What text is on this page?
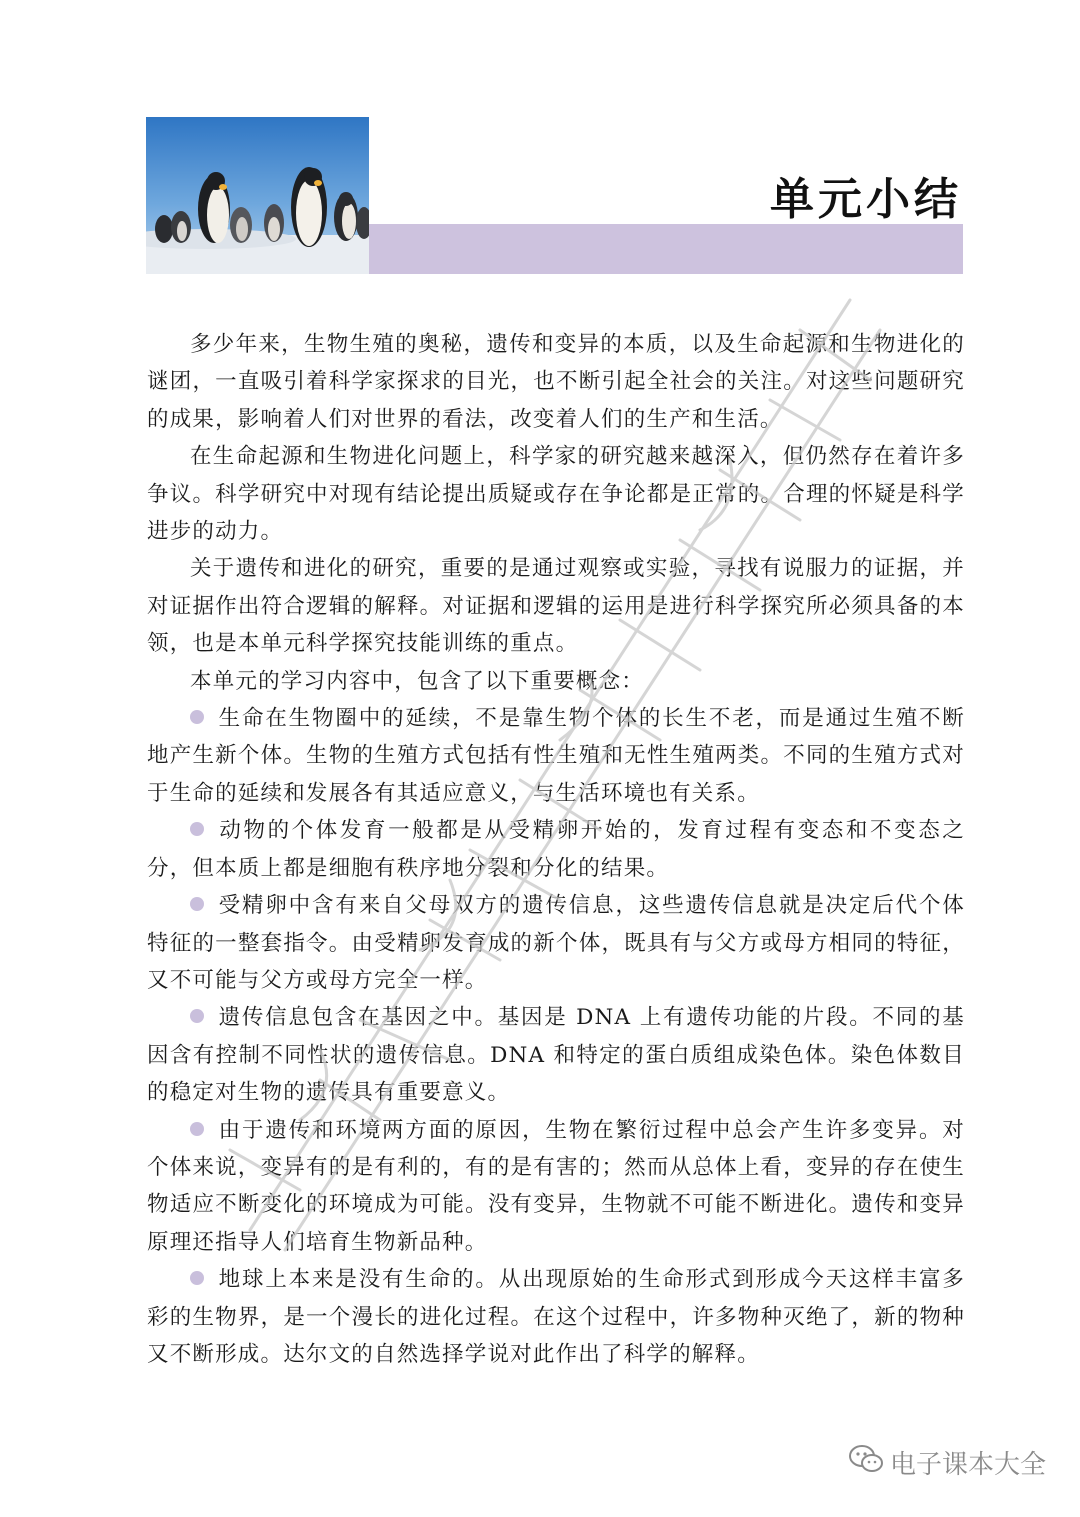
单元小结

多少年来，生物生殖的奥秘，遗传和变异的本质，以及生命起源和生物进化的谜团，一直吸引着科学家探求的目光，也不断引起全社会的关注。对这些问题研究的成果，影响着人们对世界的看法，改变着人们的生产和生活。

在生命起源和生物进化问题上，科学家的研究越来越深入，但仍然存在着许多争议。科学研究中对现有结论提出质疑或存在争论都是正常的。合理的怀疑是科学进步的动力。

关于遗传和进化的研究，重要的是通过观察或实验，寻找有说服力的证据，并对证据作出符合逻辑的解释。对证据和逻辑的运用是进行科学探究所必须具备的本领，也是本单元科学探究技能训练的重点。

本单元的学习内容中，包含了以下重要概念：

生命在生物圈中的延续，不是靠生物个体的长生不老，而是通过生殖不断地产生新个体。生物的生殖方式包括有性生殖和无性生殖两类。不同的生殖方式对于生命的延续和发展各有其适应意义，与生活环境也有关系。

动物的个体发育一般都是从受精卵开始的，发育过程有变态和不变态之分，但本质上都是细胞有秩序地分裂和分化的结果。

受精卵中含有来自父母双方的遗传信息，这些遗传信息就是决定后代个体特征的一整套指令。由受精卵发育成的新个体，既具有与父方或母方相同的特征，又不可能与父方或母方完全一样。

遗传信息包含在基因之中。基因是 DNA 上有遗传功能的片段。不同的基因含有控制不同性状的遗传信息。DNA 和特定的蛋白质组成染色体。染色体数目的稳定对生物的遗传具有重要意义。

由于遗传和环境两方面的原因，生物在繁衍过程中总会产生许多变异。对个体来说，变异有的是有利的，有的是有害的；然而从总体上看，变异的存在使生物适应不断变化的环境成为可能。没有变异，生物就不可能不断进化。遗传和变异原理还指导人们培育生物新品种。

地球上本来是没有生命的。从出现原始的生命形式到形成今天这样丰富多彩的生物界，是一个漫长的进化过程。在这个过程中，许多物种灭绝了，新的物种又不断形成。达尔文的自然选择学说对此作出了科学的解释。

电子课本大全
